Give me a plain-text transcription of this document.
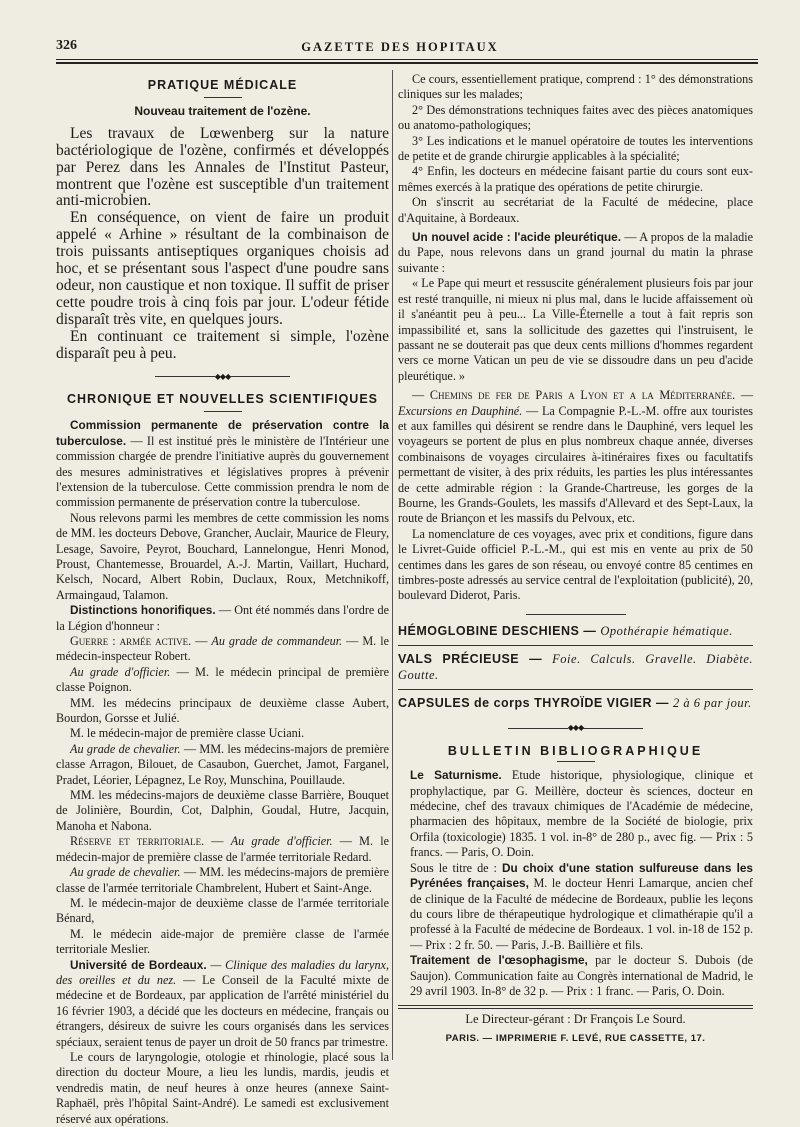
326	GAZETTE DES HOPITAUX
PRATIQUE MÉDICALE
Nouveau traitement de l'ozène.

Les travaux de Lœwenberg sur la nature bactériologique de l'ozène, confirmés et développés par Perez dans les Annales de l'Institut Pasteur, montrent que l'ozène est susceptible d'un traitement anti-microbien.

En conséquence, on vient de faire un produit appelé « Arhine » résultant de la combinaison de trois puissants antiseptiques organiques choisis ad hoc, et se présentant sous l'aspect d'une poudre sans odeur, non caustique et non toxique. Il suffit de priser cette poudre trois à cinq fois par jour. L'odeur fétide disparaît très vite, en quelques jours.

En continuant ce traitement si simple, l'ozène disparaît peu à peu.

◆◆◆
CHRONIQUE ET NOUVELLES SCIENTIFIQUES

Commission permanente de préservation contre la tuberculose. — Il est institué près le ministère de l'Intérieur une commission chargée de prendre l'initiative auprès du gouvernement des mesures administratives et législatives propres à prévenir l'extension de la tuberculose. Cette commission prendra le nom de commission permanente de préservation contre la tuberculose.

Nous relevons parmi les membres de cette commission les noms de MM. les docteurs Debove, Grancher, Auclair, Maurice de Fleury, Lesage, Savoire, Peyrot, Bouchard, Lannelongue, Henri Monod, Proust, Chantemesse, Brouardel, A.-J. Martin, Vaillart, Huchard, Kelsch, Nocard, Albert Robin, Duclaux, Roux, Metchnikoff, Armaingaud, Talamon.

Distinctions honorifiques. — Ont été nommés dans l'ordre de la Légion d'honneur :

Guerre : armée active. — Au grade de commandeur. — M. le médecin-inspecteur Robert.

Au grade d'officier. — M. le médecin principal de première classe Poignon.

MM. les médecins principaux de deuxième classe Aubert, Bourdon, Gorsse et Julié.

M. le médecin-major de première classe Uciani.

Au grade de chevalier. — MM. les médecins-majors de première classe Arragon, Bilouet, de Casaubon, Guerchet, Jamot, Farganel, Pradet, Léorier, Lépagnez, Le Roy, Munschina, Pouillaude.

MM. les médecins-majors de deuxième classe Barrière, Bouquet de Jolinière, Bourdin, Cot, Dalphin, Goudal, Hutre, Jacquin, Manoha et Nabona.

Réserve et territoriale. — Au grade d'officier. — M. le médecin-major de première classe de l'armée territoriale Redard.

Au grade de chevalier. — MM. les médecins-majors de première classe de l'armée territoriale Chambrelent, Hubert et Saint-Ange.

M. le médecin-major de deuxième classe de l'armée territoriale Bénard,

M. le médecin aide-major de première classe de l'armée territoriale Meslier.

Université de Bordeaux. — Clinique des maladies du larynx, des oreilles et du nez. — Le Conseil de la Faculté mixte de médecine et de Bordeaux, par application de l'arrêté ministériel du 16 février 1903, a décidé que les docteurs en médecine, français ou étrangers, désireux de suivre les cours organisés dans les services spéciaux, seraient tenus de payer un droit de 50 francs par trimestre.

Le cours de laryngologie, otologie et rhinologie, placé sous la direction du docteur Moure, a lieu les lundis, mardis, jeudis et vendredis matin, de neuf heures à onze heures (annexe Saint-Raphaël, près l'hôpital Saint-André). Le samedi est exclusivement réservé aux opérations.

Ce cours, essentiellement pratique, comprend : 1° des démonstrations cliniques sur les malades;

2° Des démonstrations techniques faites avec des pièces anatomiques ou anatomo-pathologiques;

3° Les indications et le manuel opératoire de toutes les interventions de petite et de grande chirurgie applicables à la spécialité;

4° Enfin, les docteurs en médecine faisant partie du cours sont eux-mêmes exercés à la pratique des opérations de petite chirurgie.

On s'inscrit au secrétariat de la Faculté de médecine, place d'Aquitaine, à Bordeaux.

Un nouvel acide : l'acide pleurétique. — A propos de la maladie du Pape, nous relevons dans un grand journal du matin la phrase suivante :

« Le Pape qui meurt et ressuscite généralement plusieurs fois par jour est resté tranquille, ni mieux ni plus mal, dans le lucide affaissement où il s'anéantit peu à peu... La Ville-Éternelle a tout à fait repris son impassibilité et, sans la sollicitude des gazettes qui l'instruisent, le passant ne se douterait pas que deux cents millions d'hommes regardent vers ce morne Vatican un peu de vie se dissoudre dans un peu d'acide pleurétique. »

— Chemins de fer de Paris a Lyon et a la Méditerranée. — Excursions en Dauphiné. — La Compagnie P.-L.-M. offre aux touristes et aux familles qui désirent se rendre dans le Dauphiné, vers lequel les voyageurs se portent de plus en plus nombreux chaque année, diverses combinaisons de voyages circulaires à-itinéraires fixes ou facultatifs permettant de visiter, à des prix réduits, les parties les plus intéressantes de cette admirable région : la Grande-Chartreuse, les gorges de la Bourne, les Grands-Goulets, les massifs d'Allevard et des Sept-Laux, la route de Briançon et les massifs du Pelvoux, etc.

La nomenclature de ces voyages, avec prix et conditions, figure dans le Livret-Guide officiel P.-L.-M., qui est mis en vente au prix de 50 centimes dans les gares de son réseau, ou envoyé contre 85 centimes en timbres-poste adressés au service central de l'exploitation (publicité), 20, boulevard Diderot, Paris.

HÉMOGLOBINE DESCHIENS — Opothérapie hématique.
VALS PRÉCIEUSE — Foie. Calculs. Gravelle. Diabète. Goutte.
CAPSULES de corps THYROÏDE VIGIER — 2 à 6 par jour.
◆◆◆
BULLETIN BIBLIOGRAPHIQUE

Le Saturnisme. Etude historique, physiologique, clinique et prophylactique, par G. Meillère, docteur ès sciences, docteur en médecine, chef des travaux chimiques de l'Académie de médecine, pharmacien des hôpitaux, membre de la Société de biologie, prix Orfila (toxicologie) 1835. 1 vol. in-8° de 280 p., avec fig. — Prix : 5 francs. — Paris, O. Doin.

Sous le titre de : Du choix d'une station sulfureuse dans les Pyrénées françaises, M. le docteur Henri Lamarque, ancien chef de clinique de la Faculté de médecine de Bordeaux, publie les leçons du cours libre de thérapeutique hydrologique et climathérapie qu'il a professé à la Faculté de médecine de Bordeaux. 1 vol. in-18 de 152 p. — Prix : 2 fr. 50. — Paris, J.-B. Baillière et fils.

Traitement de l'œsophagisme, par le docteur S. Dubois (de Saujon). Communication faite au Congrès international de Madrid, le 29 avril 1903. In-8° de 32 p. — Prix : 1 franc. — Paris, O. Doin.

Le Directeur-gérant : Dr François Le Sourd.
PARIS. — IMPRIMERIE F. LEVÉ, RUE CASSETTE, 17.
